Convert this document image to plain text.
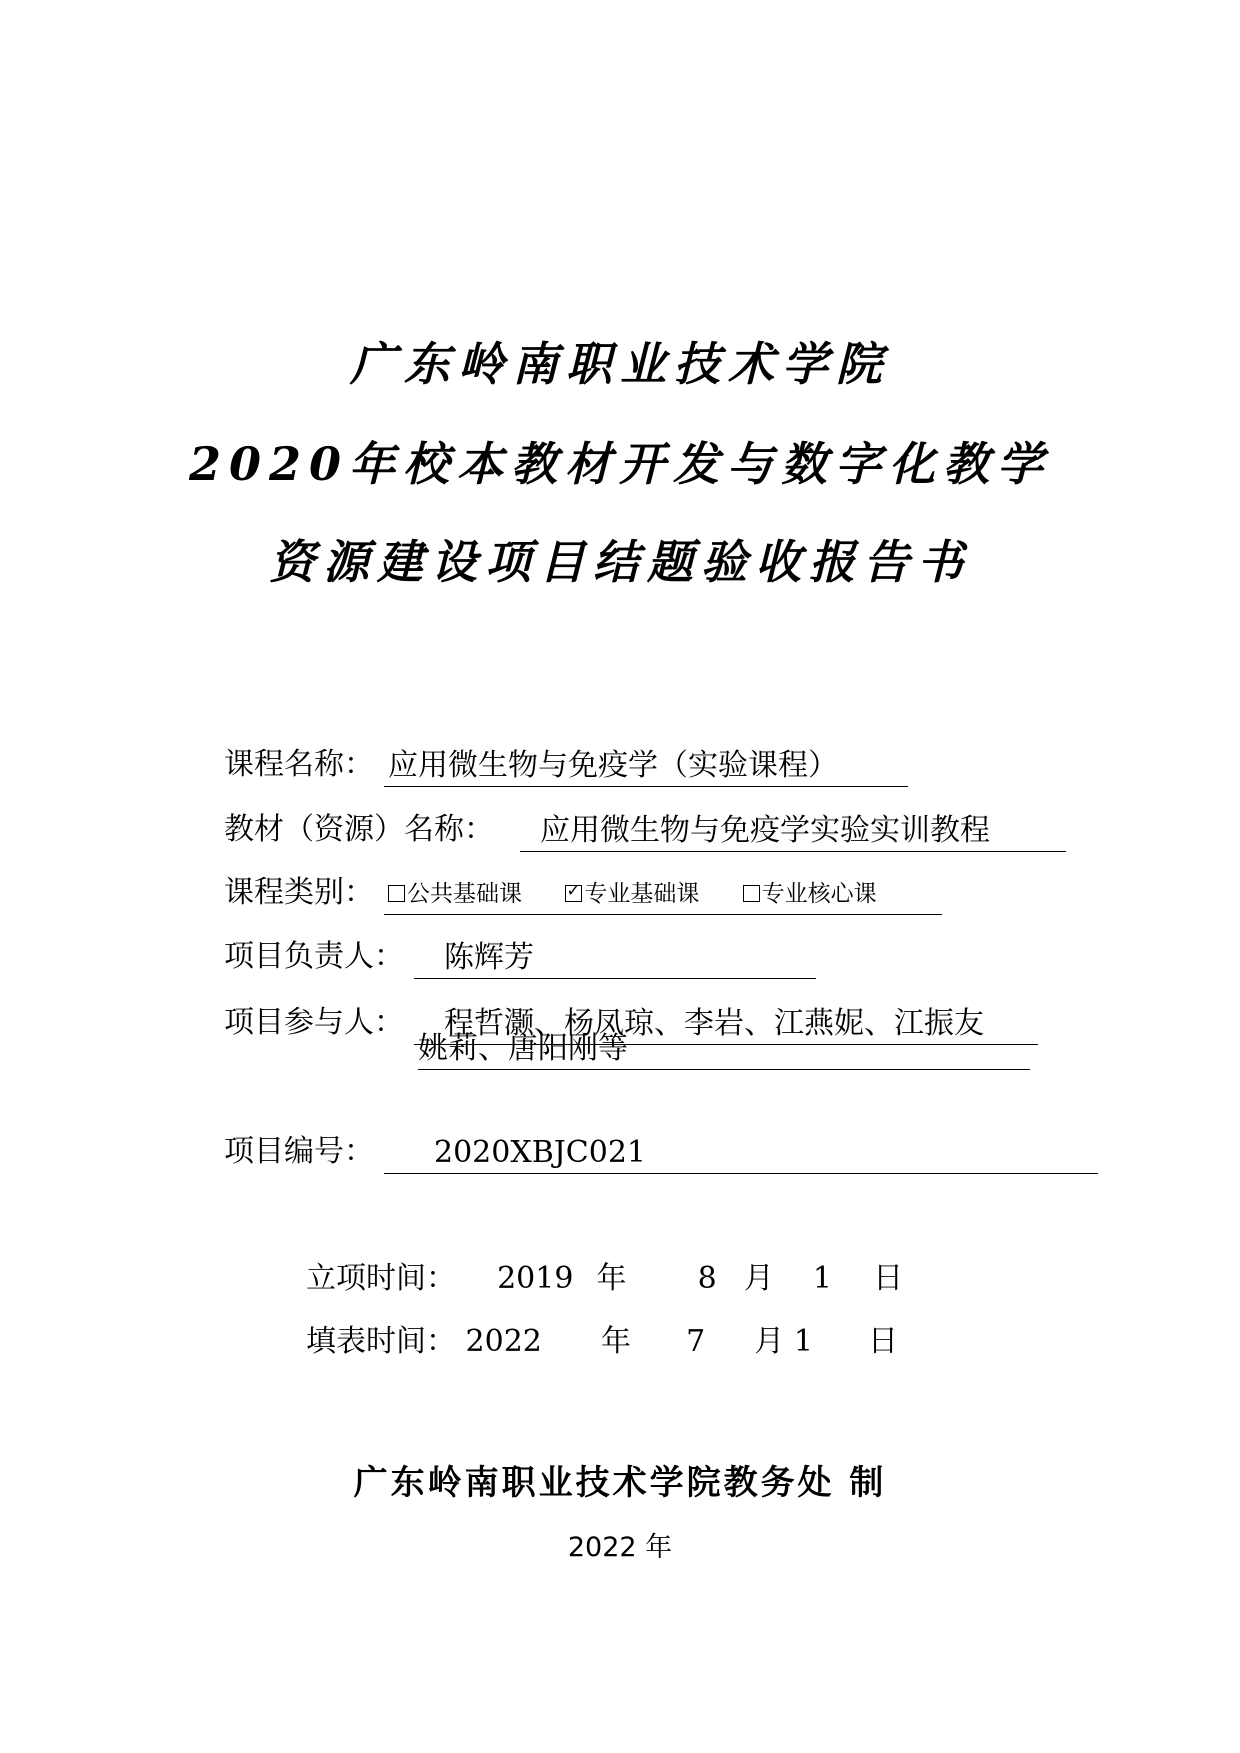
广东岭南职业技术学院
2020年校本教材开发与数字化教学
资源建设项目结题验收报告书
课程名称： 应用微生物与免疫学（实验课程）
教材（资源）名称：	应用微生物与免疫学实验实训教程
课程类别：	公共基础课	✓ 专业基础课	专业核心课
项目负责人：	陈辉芳
项目参与人：	程哲灏、杨凤琼、李岩、江燕妮、江振友
姚莉、唐阳刚等
项目编号：	2020XBJC021
立项时间： 2019 年 8 月 1 日
填表时间： 2022 年 7 月 1 日
广东岭南职业技术学院教务处 制
2022 年
